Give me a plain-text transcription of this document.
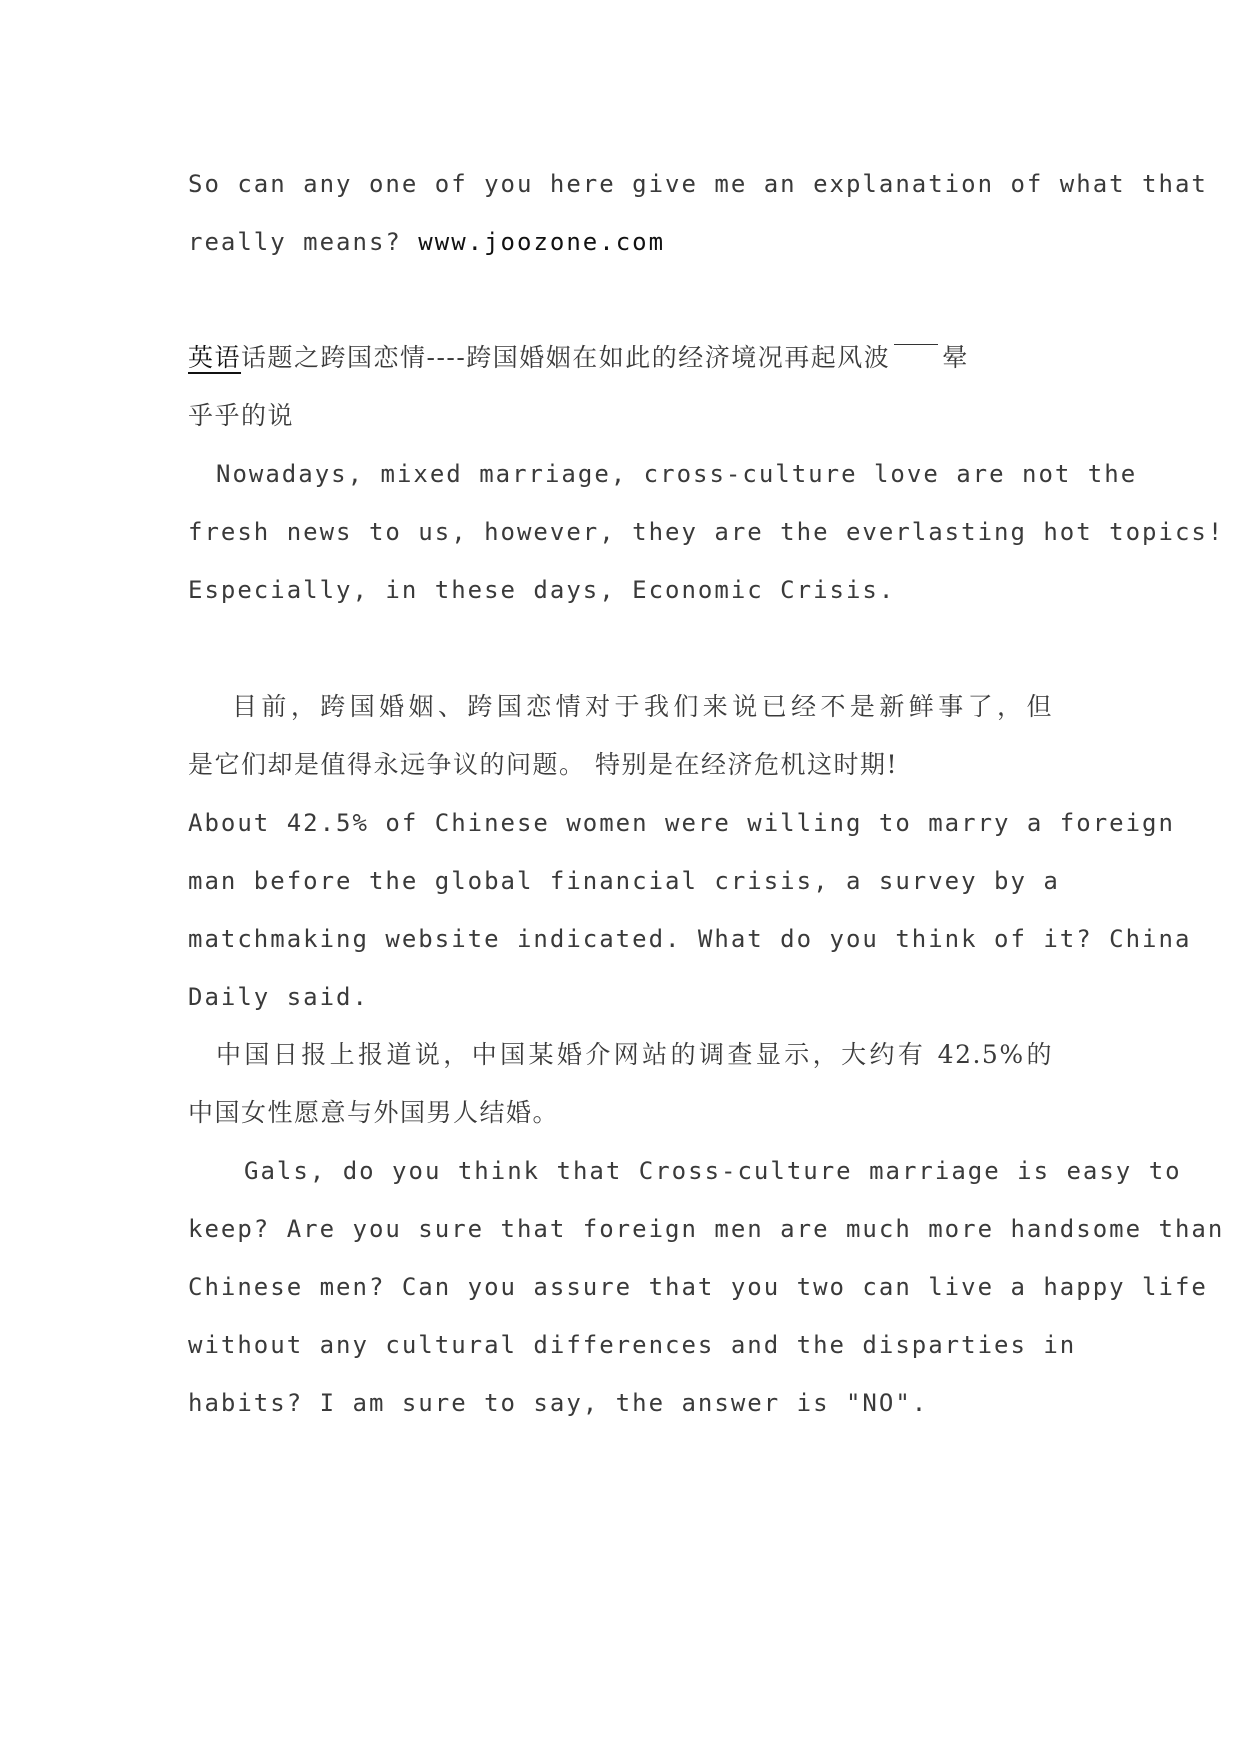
So can any one of you here give me an explanation of what that
really means? www.joozone.com
英语话题之跨国恋情----跨国婚姻在如此的经济境况再起风波 晕
乎乎的说
Nowadays, mixed marriage, cross-culture love are not the
fresh news to us, however, they are the everlasting hot topics!
Especially, in these days, Economic Crisis.
目前，跨国婚姻、跨国恋情对于我们来说已经不是新鲜事了，但
是它们却是值得永远争议的问题。 特别是在经济危机这时期!
About 42.5% of Chinese women were willing to marry a foreign
man before the global financial crisis, a survey by a
matchmaking website indicated. What do you think of it? China
Daily said.
中国日报上报道说，中国某婚介网站的调查显示，大约有 42.5%的
中国女性愿意与外国男人结婚。
Gals, do you think that Cross-culture marriage is easy to
keep? Are you sure that foreign men are much more handsome than
Chinese men? Can you assure that you two can live a happy life
without any cultural differences and the disparties in
habits? I am sure to say, the answer is "NO".
